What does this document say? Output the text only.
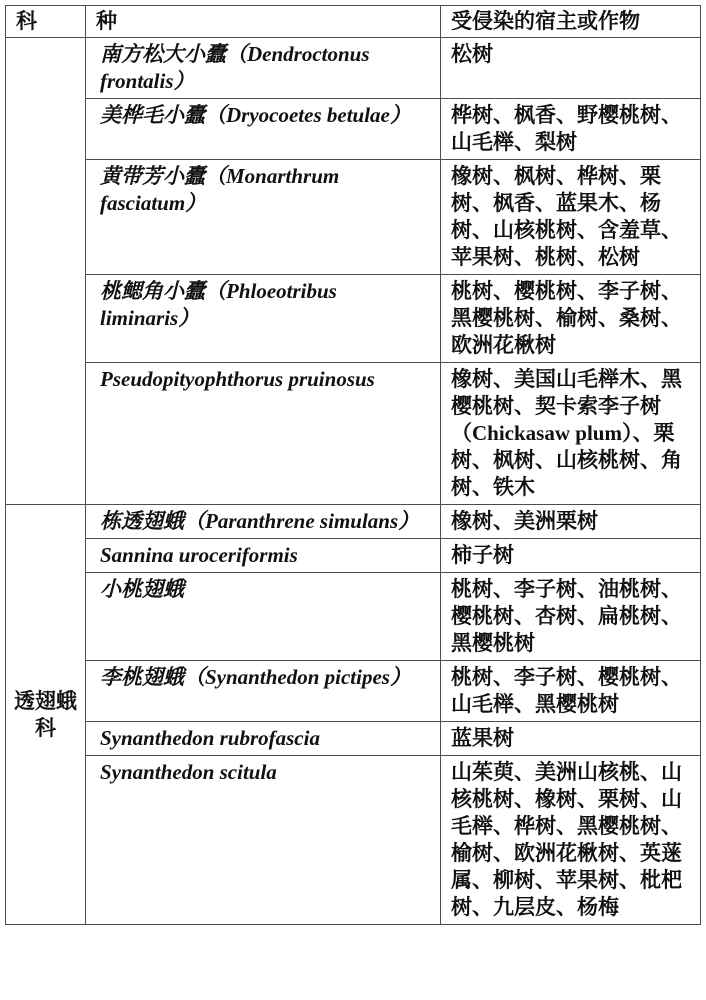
科	种	受侵染的宿主或作物
	南方松大小蠹（Dendroctonus frontalis）	松树
	美桦毛小蠹（Dryocoetes betulae）	桦树、枫香、野樱桃树、山毛榉、梨树
	黄带芳小蠹（Monarthrum fasciatum）	橡树、枫树、桦树、栗树、枫香、蓝果木、杨树、山核桃树、含羞草、苹果树、桃树、松树
	桃鳃角小蠹（Phloeotribus liminaris）	桃树、樱桃树、李子树、黑樱桃树、榆树、桑树、欧洲花楸树
	Pseudopityophthorus pruinosus	橡树、美国山毛榉木、黑樱桃树、契卡索李子树（Chickasaw plum）、栗树、枫树、山核桃树、角树、铁木
透翅蛾科	栋透翅蛾（Paranthrene simulans）	橡树、美洲栗树
	Sannina uroceriformis	柿子树
	小桃翅蛾	桃树、李子树、油桃树、樱桃树、杏树、扁桃树、黑樱桃树
	李桃翅蛾（Synanthedon pictipes）	桃树、李子树、樱桃树、山毛榉、黑樱桃树
	Synanthedon rubrofascia	蓝果树
	Synanthedon scitula	山茱萸、美洲山核桃、山核桃树、橡树、栗树、山毛榉、桦树、黑樱桃树、榆树、欧洲花楸树、英蒾属、柳树、苹果树、枇杷树、九层皮、杨梅
